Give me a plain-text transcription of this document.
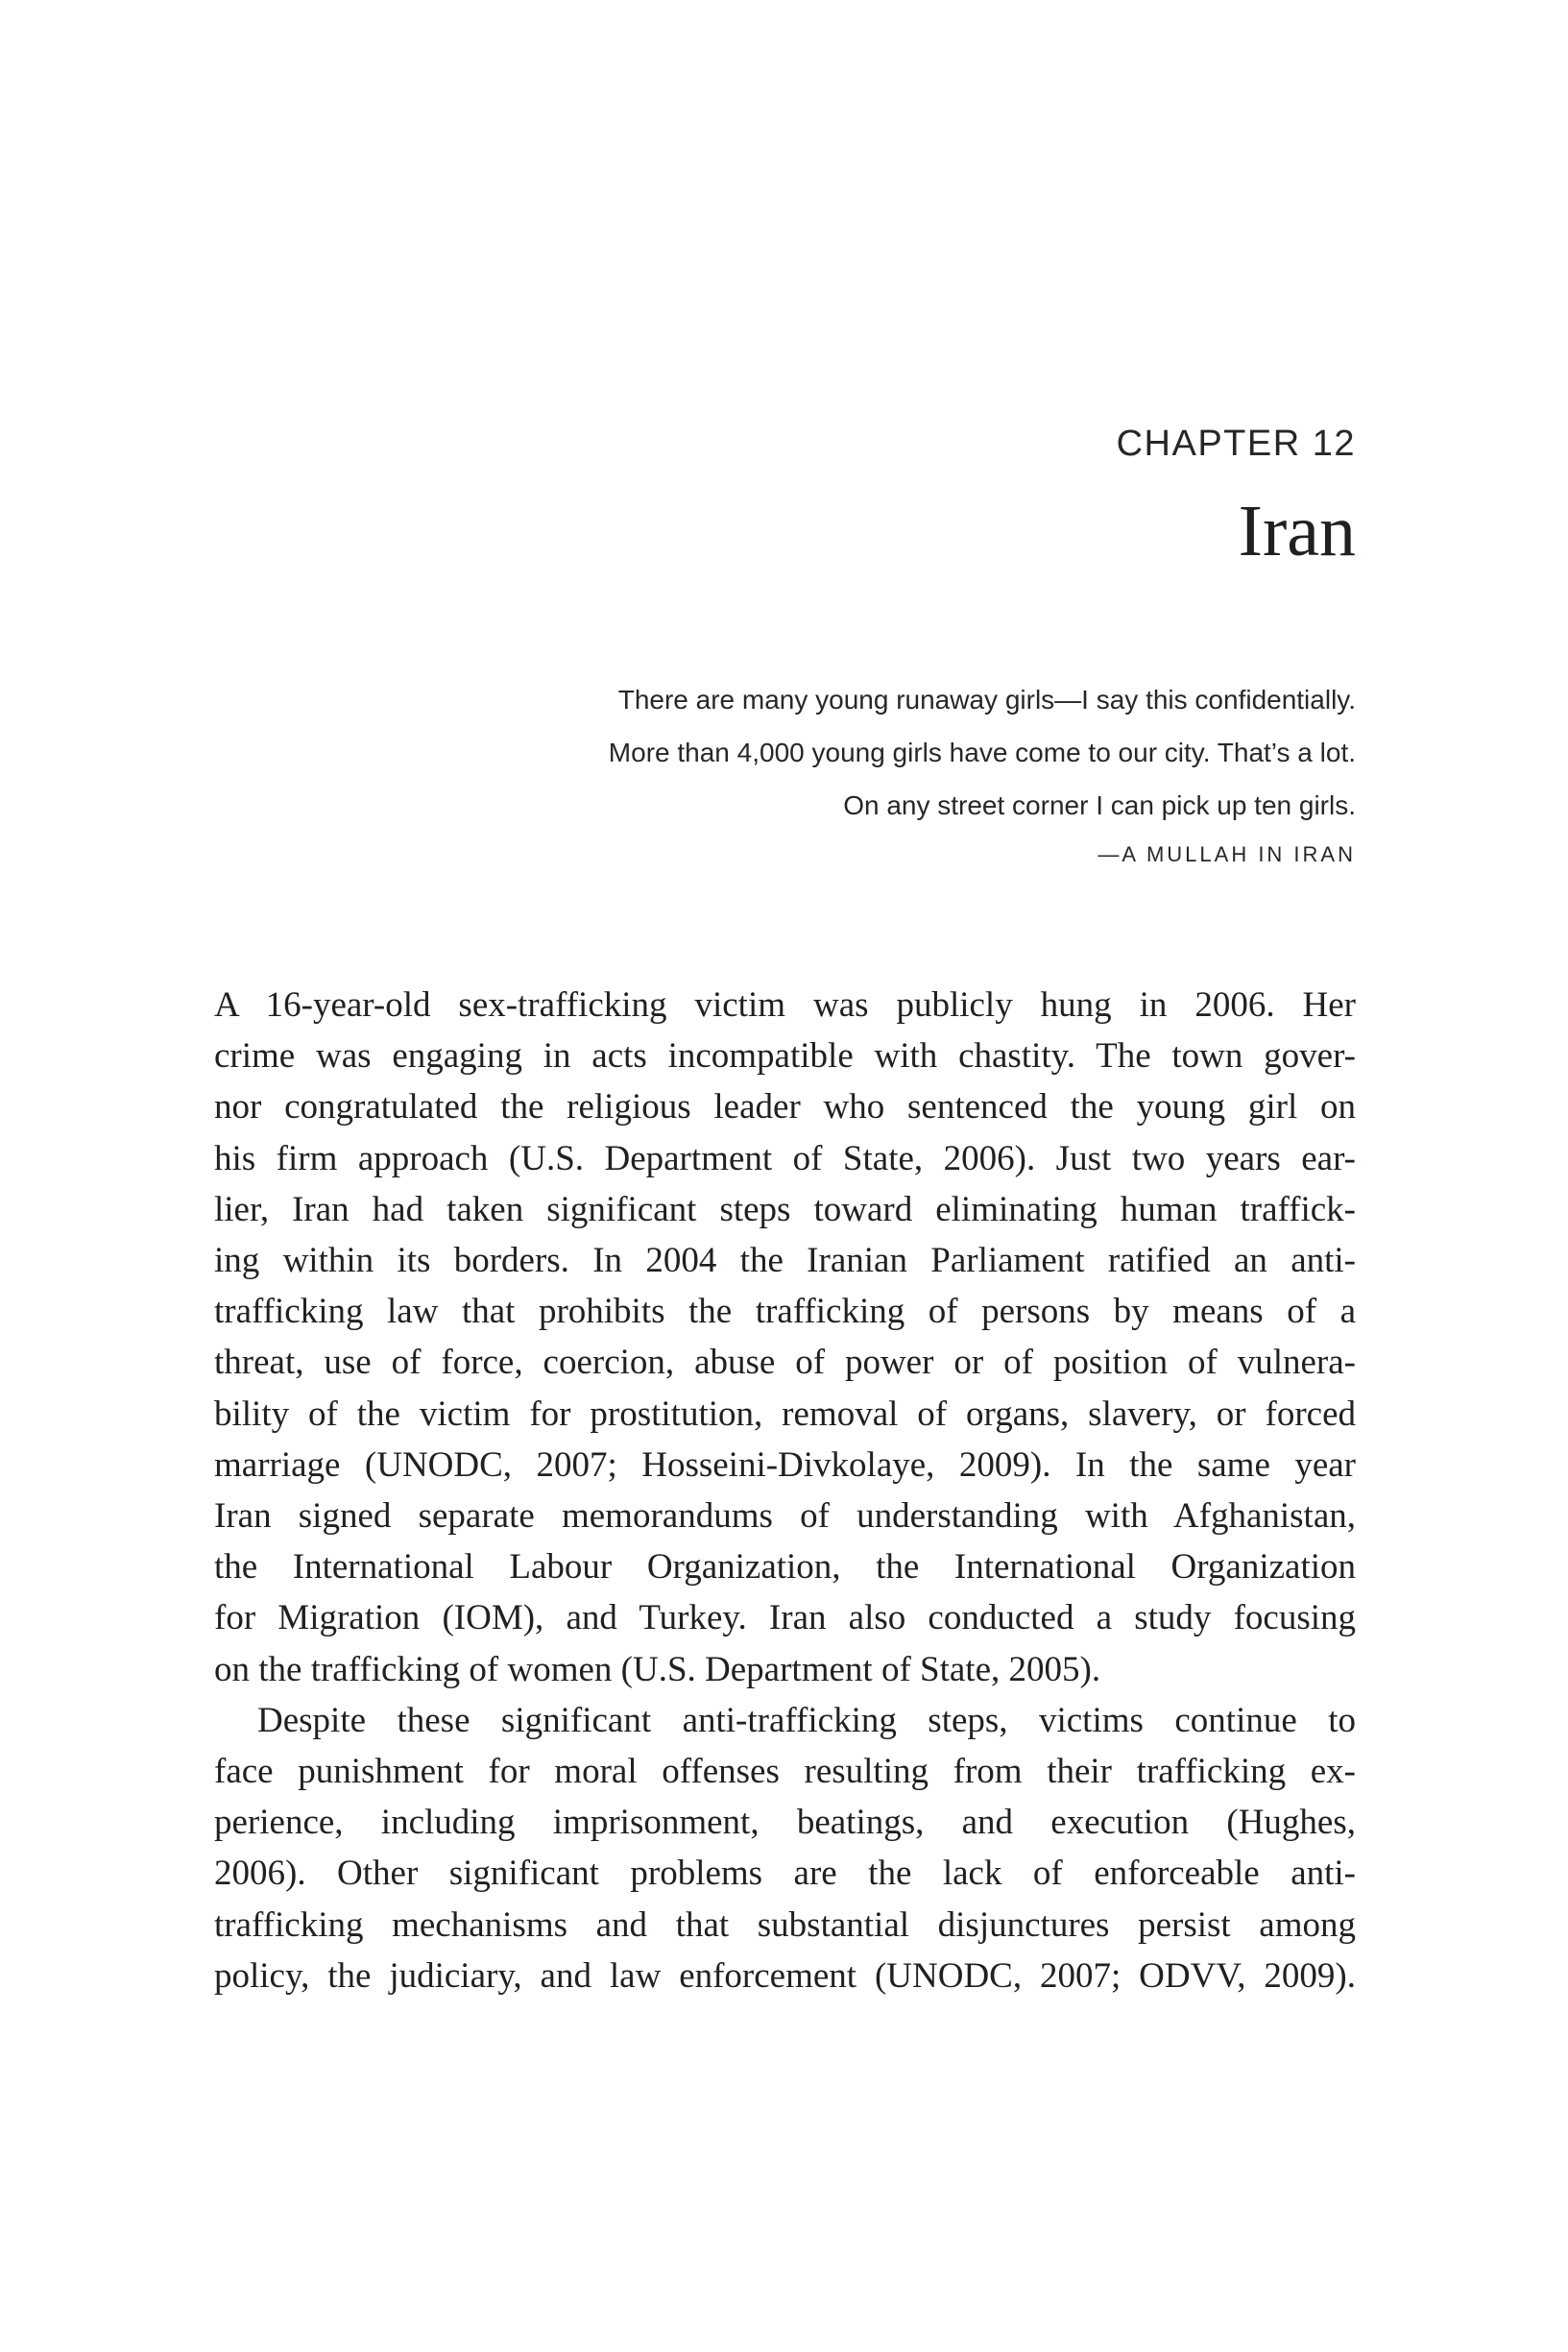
CHAPTER 12
Iran
There are many young runaway girls—I say this confidentially.
More than 4,000 young girls have come to our city. That’s a lot.
On any street corner I can pick up ten girls.
—A MULLAH IN IRAN
A 16-year-old sex-trafficking victim was publicly hung in 2006. Her
crime was engaging in acts incompatible with chastity. The town gover-
nor congratulated the religious leader who sentenced the young girl on
his firm approach (U.S. Department of State, 2006). Just two years ear-
lier, Iran had taken significant steps toward eliminating human traffick-
ing within its borders. In 2004 the Iranian Parliament ratified an anti-
trafficking law that prohibits the trafficking of persons by means of a
threat, use of force, coercion, abuse of power or of position of vulnera-
bility of the victim for prostitution, removal of organs, slavery, or forced
marriage (UNODC, 2007; Hosseini-Divkolaye, 2009). In the same year
Iran signed separate memorandums of understanding with Afghanistan,
the International Labour Organization, the International Organization
for Migration (IOM), and Turkey. Iran also conducted a study focusing
on the trafficking of women (U.S. Department of State, 2005).
Despite these significant anti-trafficking steps, victims continue to
face punishment for moral offenses resulting from their trafficking ex-
perience, including imprisonment, beatings, and execution (Hughes,
2006). Other significant problems are the lack of enforceable anti-
trafficking mechanisms and that substantial disjunctures persist among
policy, the judiciary, and law enforcement (UNODC, 2007; ODVV, 2009).
